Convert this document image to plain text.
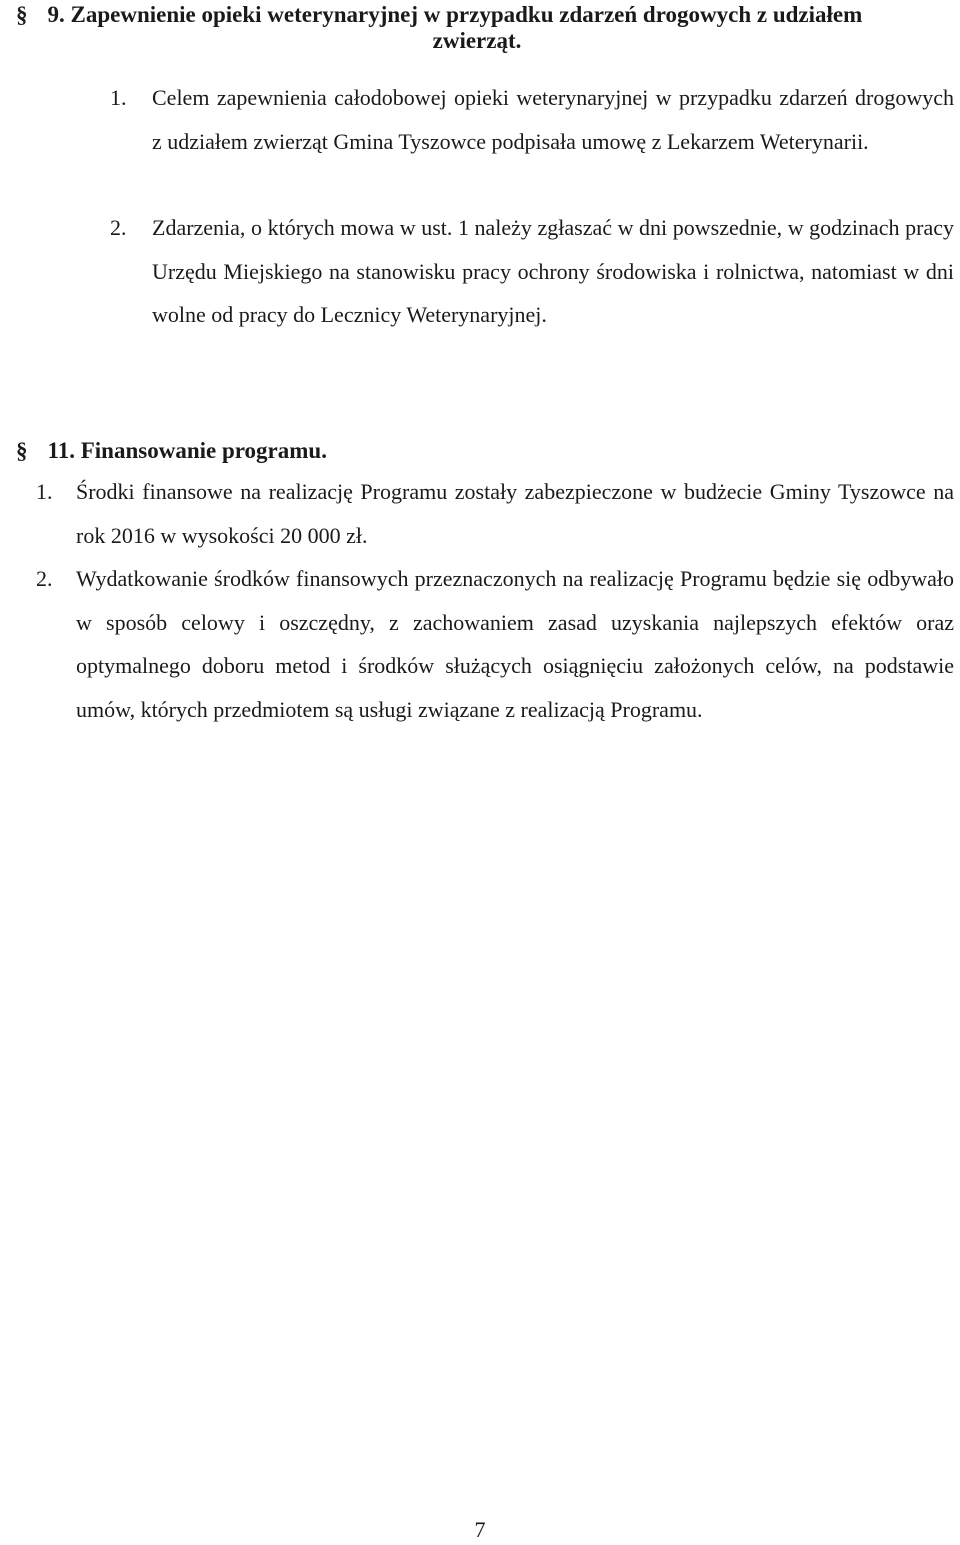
§ 9. Zapewnienie opieki weterynaryjnej w przypadku zdarzeń drogowych z udziałem
zwierząt.
1. Celem zapewnienia całodobowej opieki weterynaryjnej w przypadku zdarzeń drogowych z udziałem zwierząt Gmina Tyszowce podpisała umowę z Lekarzem Weterynarii.
2. Zdarzenia, o których mowa w ust. 1 należy zgłaszać w dni powszednie, w godzinach pracy Urzędu Miejskiego na stanowisku pracy ochrony środowiska i rolnictwa, natomiast w dni wolne od pracy do Lecznicy Weterynaryjnej.
§ 11. Finansowanie programu.
1. Środki finansowe na realizację Programu zostały zabezpieczone w budżecie Gminy Tyszowce na rok 2016 w wysokości 20 000 zł.
2. Wydatkowanie środków finansowych przeznaczonych na realizację Programu będzie się odbywało w sposób celowy i oszczędny, z zachowaniem zasad uzyskania najlepszych efektów oraz optymalnego doboru metod i środków służących osiągnięciu założonych celów, na podstawie umów, których przedmiotem są usługi związane z realizacją Programu.
7
